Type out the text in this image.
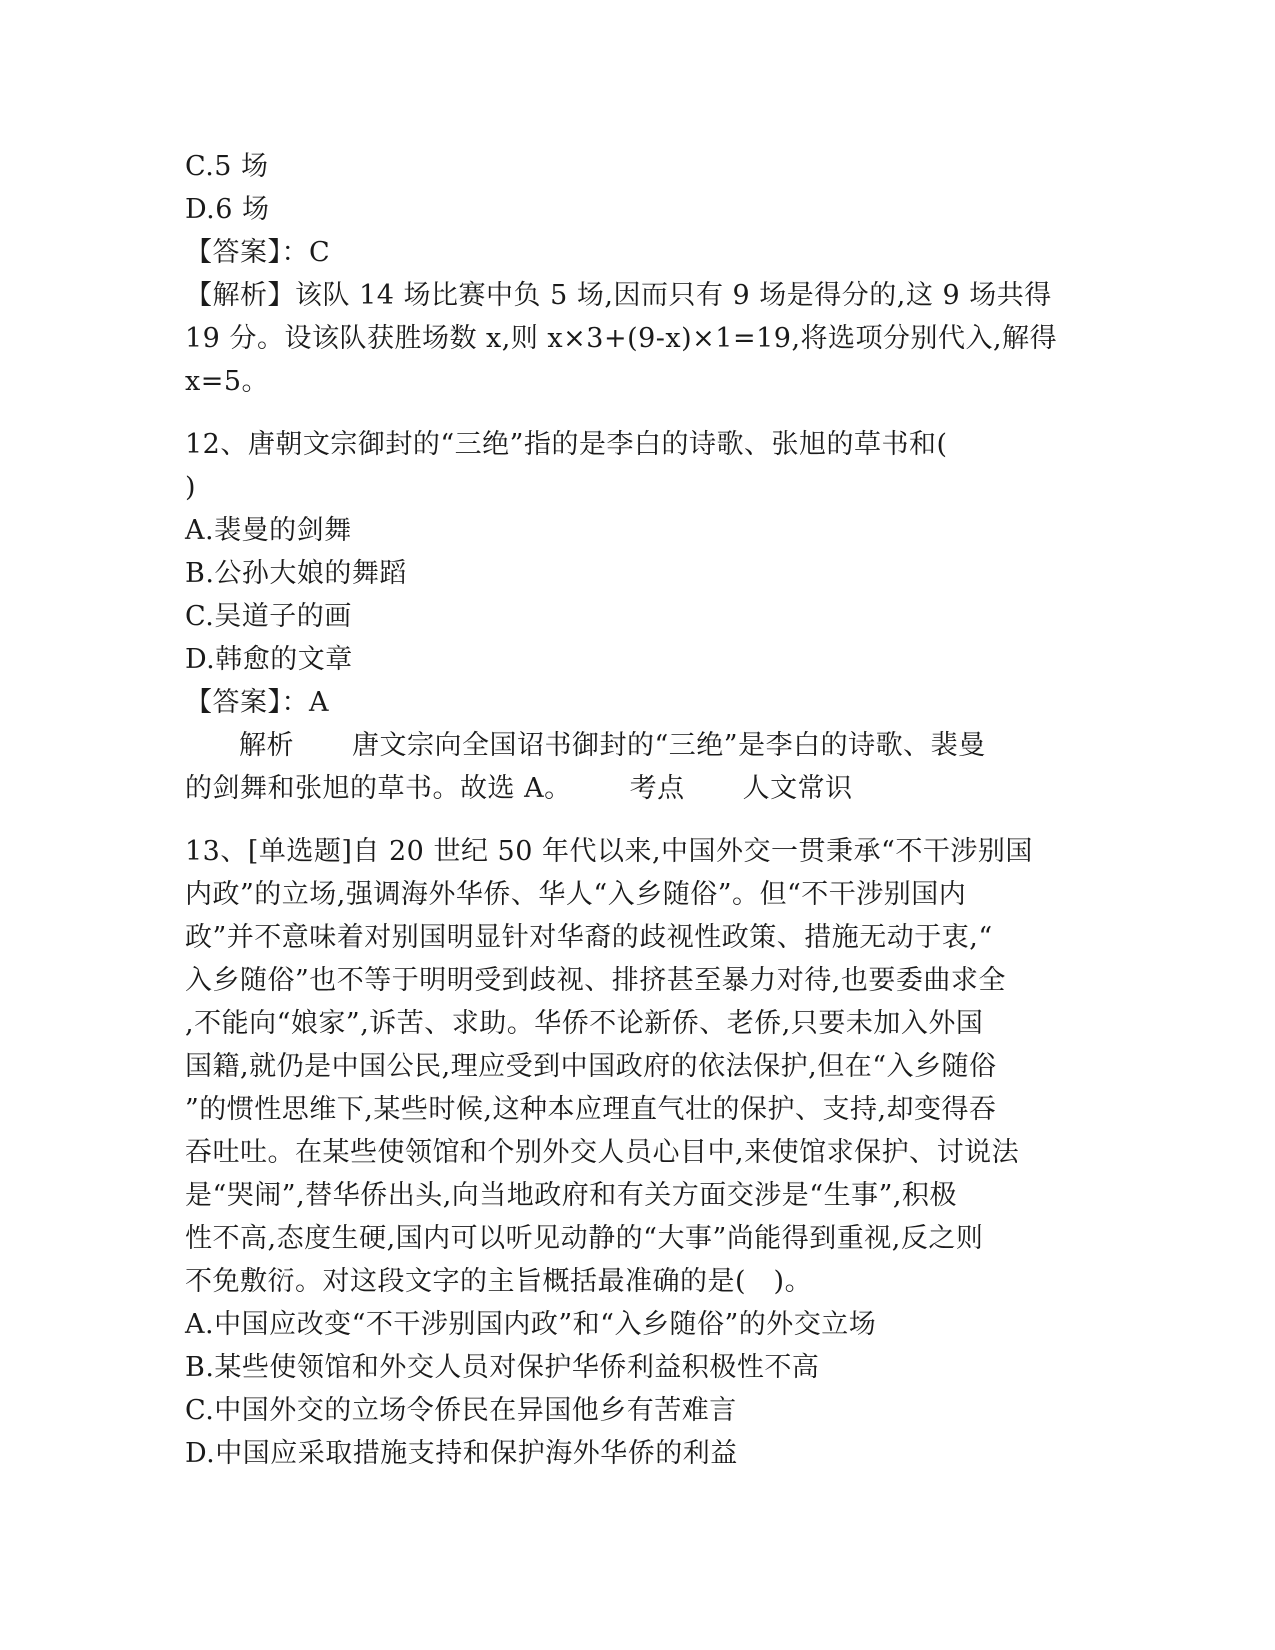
C.5 场
D.6 场
【答案】：C
【解析】该队 14 场比赛中负 5 场,因而只有 9 场是得分的,这 9 场共得
19 分。设该队获胜场数 x,则 x×3+(9-x)×1=19,将选项分别代入,解得
x=5。
12、唐朝文宗御封的“三绝”指的是李白的诗歌、张旭的草书和(
)
A.裴曼的剑舞
B.公孙大娘的舞蹈
C.吴道子的画
D.韩愈的文章
【答案】：A
解析 唐文宗向全国诏书御封的“三绝”是李白的诗歌、裴曼
的剑舞和张旭的草书。故选 A。 考点 人文常识
13、[单选题]自 20 世纪 50 年代以来,中国外交一贯秉承“不干涉别国
内政”的立场,强调海外华侨、华人“入乡随俗”。但“不干涉别国内
政”并不意味着对别国明显针对华裔的歧视性政策、措施无动于衷,“
入乡随俗”也不等于明明受到歧视、排挤甚至暴力对待,也要委曲求全
,不能向“娘家”,诉苦、求助。华侨不论新侨、老侨,只要未加入外国
国籍,就仍是中国公民,理应受到中国政府的依法保护,但在“入乡随俗
”的惯性思维下,某些时候,这种本应理直气壮的保护、支持,却变得吞
吞吐吐。在某些使领馆和个别外交人员心目中,来使馆求保护、讨说法
是“哭闹”,替华侨出头,向当地政府和有关方面交涉是“生事”,积极
性不高,态度生硬,国内可以听见动静的“大事”尚能得到重视,反之则
不免敷衍。对这段文字的主旨概括最准确的是(　)。
A.中国应改变“不干涉别国内政”和“入乡随俗”的外交立场
B.某些使领馆和外交人员对保护华侨利益积极性不高
C.中国外交的立场令侨民在异国他乡有苦难言
D.中国应采取措施支持和保护海外华侨的利益
